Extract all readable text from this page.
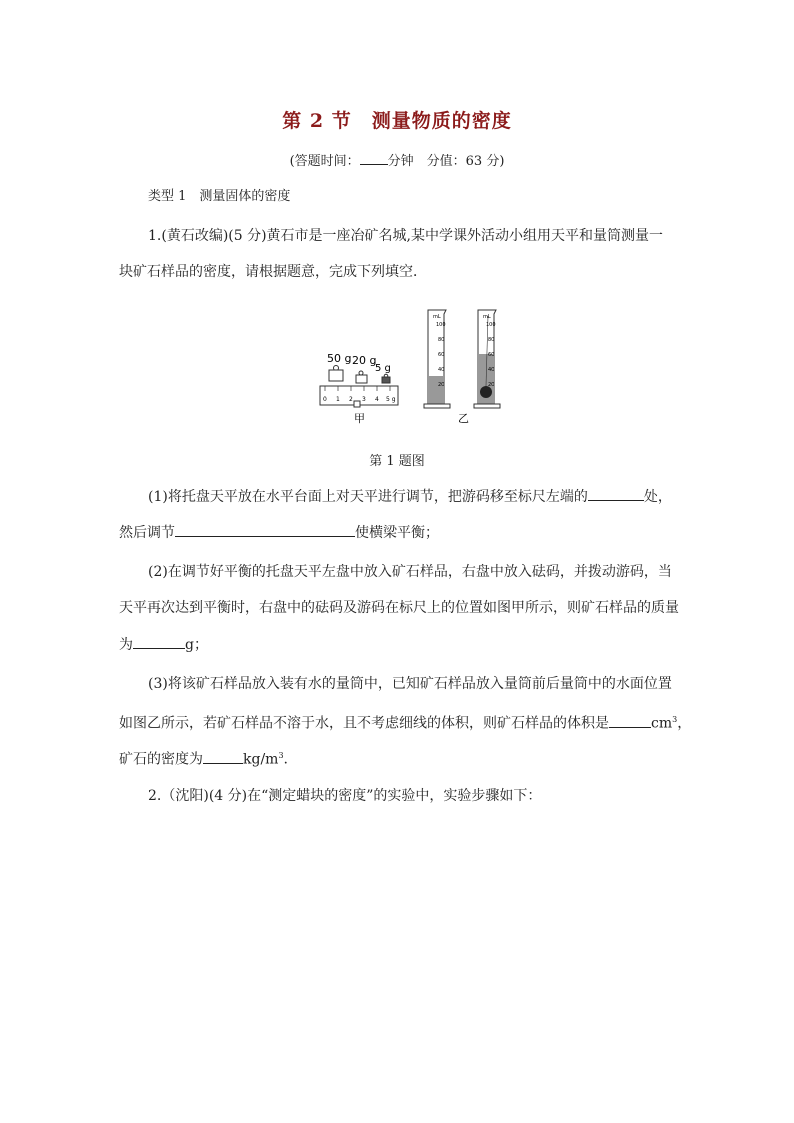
第 2 节　测量物质的密度
(答题时间： 分钟　分值：63 分)
类型 1　测量固体的密度
1.(黄石改编)(5 分)黄石市是一座冶矿名城,某中学课外活动小组用天平和量筒测量一
块矿石样品的密度，请根据题意，完成下列填空．
50 g 20 g
5 g
0 1 2 3 4 5 g
甲
mL
100
80
60
40
20
mL
100
80
60
40
20
乙
第 1 题图
(1)将托盘天平放在水平台面上对天平进行调节，把游码移至标尺左端的	处，
然后调节	使横梁平衡；
(2)在调节好平衡的托盘天平左盘中放入矿石样品，右盘中放入砝码，并拨动游码，当
天平再次达到平衡时，右盘中的砝码及游码在标尺上的位置如图甲所示，则矿石样品的质量
为	g；
(3)将该矿石样品放入装有水的量筒中，已知矿石样品放入量筒前后量筒中的水面位置
如图乙所示，若矿石样品不溶于水，且不考虑细线的体积，则矿石样品的体积是	$cm^3$，
矿石的密度为	$kg/m^3$.
2.（沈阳)(4 分)在“测定蜡块的密度”的实验中，实验步骤如下：
